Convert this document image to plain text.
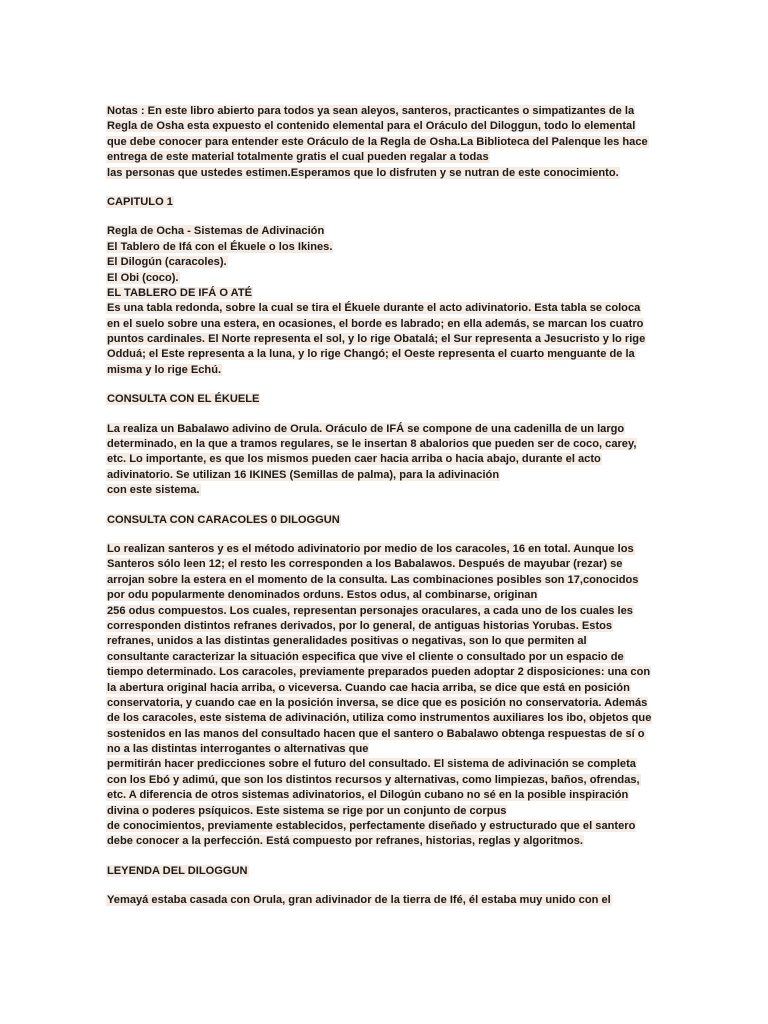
Notas : En este libro abierto para todos ya sean aleyos, santeros, practicantes o simpatizantes de la
Regla de Osha esta expuesto el contenido elemental para el Oráculo del Diloggun, todo lo elemental
que debe conocer para entender este Oráculo de la Regla de Osha.La Biblioteca del Palenque les hace
entrega de este material totalmente gratis el cual pueden regalar a todas
las personas que ustedes estimen.Esperamos que lo disfruten y se nutran de este conocimiento.
CAPITULO 1
Regla de Ocha - Sistemas de Adivinación
El Tablero de Ifá con el Ékuele o los Ikines.
El Dilogún (caracoles).
El Obi (coco).
EL TABLERO DE IFÁ O ATÉ
Es una tabla redonda, sobre la cual se tira el Ékuele durante el acto adivinatorio. Esta tabla se coloca
en el suelo sobre una estera, en ocasiones, el borde es labrado; en ella además, se marcan los cuatro
puntos cardinales. El Norte representa el sol, y lo rige Obatalá; el Sur representa a Jesucristo y lo rige
Odduá; el Este representa a la luna, y lo rige Changó; el Oeste representa el cuarto menguante de la
misma y lo rige Echú.
CONSULTA CON EL ÉKUELE
La realiza un Babalawo adivino de Orula. Oráculo de IFÁ se compone de una cadenilla de un largo
determinado, en la que a tramos regulares, se le insertan 8 abalorios que pueden ser de coco, carey,
etc. Lo importante, es que los mismos pueden caer hacia arriba o hacia abajo, durante el acto
adivinatorio. Se utilizan 16 IKINES (Semillas de palma), para la adivinación
con este sistema.
CONSULTA CON CARACOLES 0 DILOGGUN
Lo realizan santeros y es el método adivinatorio por medio de los caracoles, 16 en total. Aunque los
Santeros sólo leen 12; el resto les corresponden a los Babalawos. Después de mayubar (rezar) se
arrojan sobre la estera en el momento de la consulta. Las combinaciones posibles son 17,conocidos
por odu popularmente denominados orduns. Estos odus, al combinarse, originan
256 odus compuestos. Los cuales, representan personajes oraculares, a cada uno de los cuales les
corresponden distintos refranes derivados, por lo general, de antiguas historias Yorubas. Estos
refranes, unidos a las distintas generalidades positivas o negativas, son lo que permiten al
consultante caracterizar la situación especifica que vive el cliente o consultado por un espacio de
tiempo determinado. Los caracoles, previamente preparados pueden adoptar 2 disposiciones: una con
la abertura original hacia arriba, o viceversa. Cuando cae hacia arriba, se dice que está en posición
conservatoria, y cuando cae en la posición inversa, se dice que es posición no conservatoria. Además
de los caracoles, este sistema de adivinación, utiliza como instrumentos auxiliares los ibo, objetos que
sostenidos en las manos del consultado hacen que el santero o Babalawo obtenga respuestas de sí o
no a las distintas interrogantes o alternativas que
permitirán hacer predicciones sobre el futuro del consultado. El sistema de adivinación se completa
con los Ebó y adimú, que son los distintos recursos y alternativas, como limpiezas, baños, ofrendas,
etc. A diferencia de otros sistemas adivinatorios, el Dilogún cubano no sé en la posible inspiración
divina o poderes psíquicos. Este sistema se rige por un conjunto de corpus
de conocimientos, previamente establecidos, perfectamente diseñado y estructurado que el santero
debe conocer a la perfección. Está compuesto por refranes, historias, reglas y algoritmos.
LEYENDA DEL DILOGGUN
Yemayá estaba casada con Orula, gran adivinador de la tierra de Ifé, él estaba muy unido con el
